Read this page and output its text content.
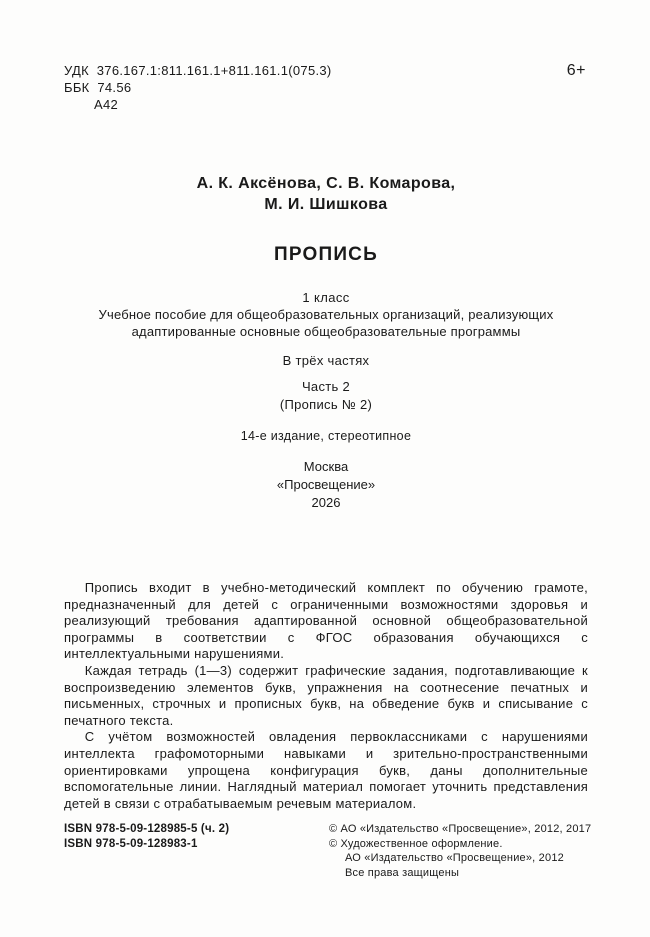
УДК  376.167.1:811.161.1+811.161.1(075.3)
ББК  74.56
А42
6+
А. К. Аксёнова, С. В. Комарова,
М. И. Шишкова
ПРОПИСЬ
1 класс
Учебное пособие для общеобразовательных организаций, реализующих
адаптированные основные общеобразовательные программы
В трёх частях
Часть 2
(Пропись № 2)
14-е издание, стереотипное
Москва
«Просвещение»
2026

Пропись входит в учебно-методический комплект по обучению грамоте, предназначенный для детей с ограниченными возможностями здоровья и реализующий требования адаптированной основной общеобразовательной программы в соответствии с ФГОС образования обучающихся с интеллектуальными нарушениями.

Каждая тетрадь (1—3) содержит графические задания, подготавливающие к воспроизведению элементов букв, упражнения на соотнесение печатных и письменных, строчных и прописных букв, на обведение букв и списывание с печатного текста.

С учётом возможностей овладения первоклассниками с нарушениями интеллекта графомоторными навыками и зрительно-пространственными ориентировками упрощена конфигурация букв, даны дополнительные вспомогательные линии. Наглядный материал помогает уточнить представления детей в связи с отрабатываемым речевым материалом.

ISBN 978-5-09-128985-5 (ч. 2)
ISBN 978-5-09-128983-1
© АО «Издательство «Просвещение», 2012, 2017
© Художественное оформление.
АО «Издательство «Просвещение», 2012
Все права защищены
